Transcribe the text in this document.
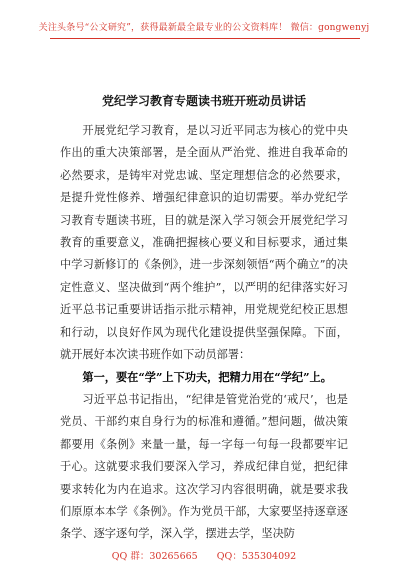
关注头条号“公文研究”，获得最新最全最专业的公文资料库！ 微信：gongwenyj
党纪学习教育专题读书班开班动员讲话

开展党纪学习教育，是以习近平同志为核心的党中央作出的重大决策部署，是全面从严治党、推进自我革命的必然要求，是铸牢对党忠诚、坚定理想信念的必然要求，是提升党性修养、增强纪律意识的迫切需要。举办党纪学习教育专题读书班，目的就是深入学习领会开展党纪学习教育的重要意义，准确把握核心要义和目标要求，通过集中学习新修订的《条例》，进一步深刻领悟“两个确立”的决定性意义、坚决做到“两个维护”，以严明的纪律落实好习近平总书记重要讲话指示批示精神，用党规党纪校正思想和行动，以良好作风为现代化建设提供坚强保障。下面，就开展好本次读书班作如下动员部署：

第一，要在“学”上下功夫，把精力用在“学纪”上。

习近平总书记指出，“纪律是管党治党的‘戒尺’，也是党员、干部约束自身行为的标准和遵循。”想问题，做决策都要用《条例》来量一量，每一字每一句每一段都要牢记于心。这就要求我们要深入学习，养成纪律自觉，把纪律要求转化为内在追求。这次学习内容很明确，就是要求我们原原本本学《条例》。作为党员干部，大家要坚持逐章逐条学、逐字逐句学，深入学，摆进去学，坚决防

QQ 群：30265665 QQ：535304092
